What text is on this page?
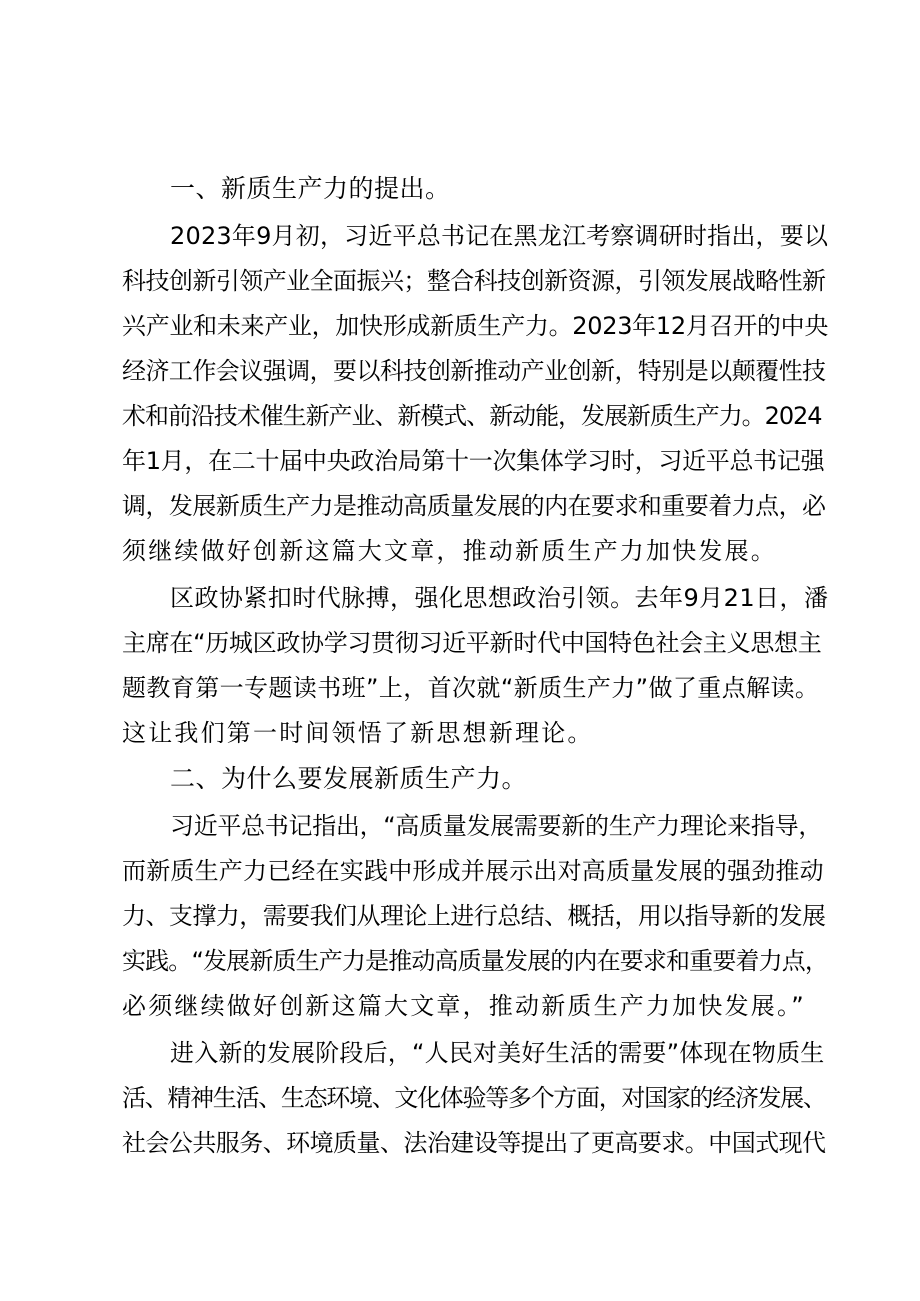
一、新质生产力的提出。
2023年9月初，习近平总书记在黑龙江考察调研时指出，要以
科技创新引领产业全面振兴；整合科技创新资源，引领发展战略性新
兴产业和未来产业，加快形成新质生产力。2023年12月召开的中央
经济工作会议强调，要以科技创新推动产业创新，特别是以颠覆性技
术和前沿技术催生新产业、新模式、新动能，发展新质生产力。2024
年1月，在二十届中央政治局第十一次集体学习时，习近平总书记强
调，发展新质生产力是推动高质量发展的内在要求和重要着力点，必
须继续做好创新这篇大文章，推动新质生产力加快发展。
区政协紧扣时代脉搏，强化思想政治引领。去年9月21日，潘
主席在“历城区政协学习贯彻习近平新时代中国特色社会主义思想主
题教育第一专题读书班”上，首次就“新质生产力”做了重点解读。
这让我们第一时间领悟了新思想新理论。
二、为什么要发展新质生产力。
习近平总书记指出，“高质量发展需要新的生产力理论来指导，
而新质生产力已经在实践中形成并展示出对高质量发展的强劲推动
力、支撑力，需要我们从理论上进行总结、概括，用以指导新的发展
实践。“发展新质生产力是推动高质量发展的内在要求和重要着力点，
必须继续做好创新这篇大文章，推动新质生产力加快发展。”
进入新的发展阶段后，“人民对美好生活的需要”体现在物质生
活、精神生活、生态环境、文化体验等多个方面，对国家的经济发展、
社会公共服务、环境质量、法治建设等提出了更高要求。中国式现代
